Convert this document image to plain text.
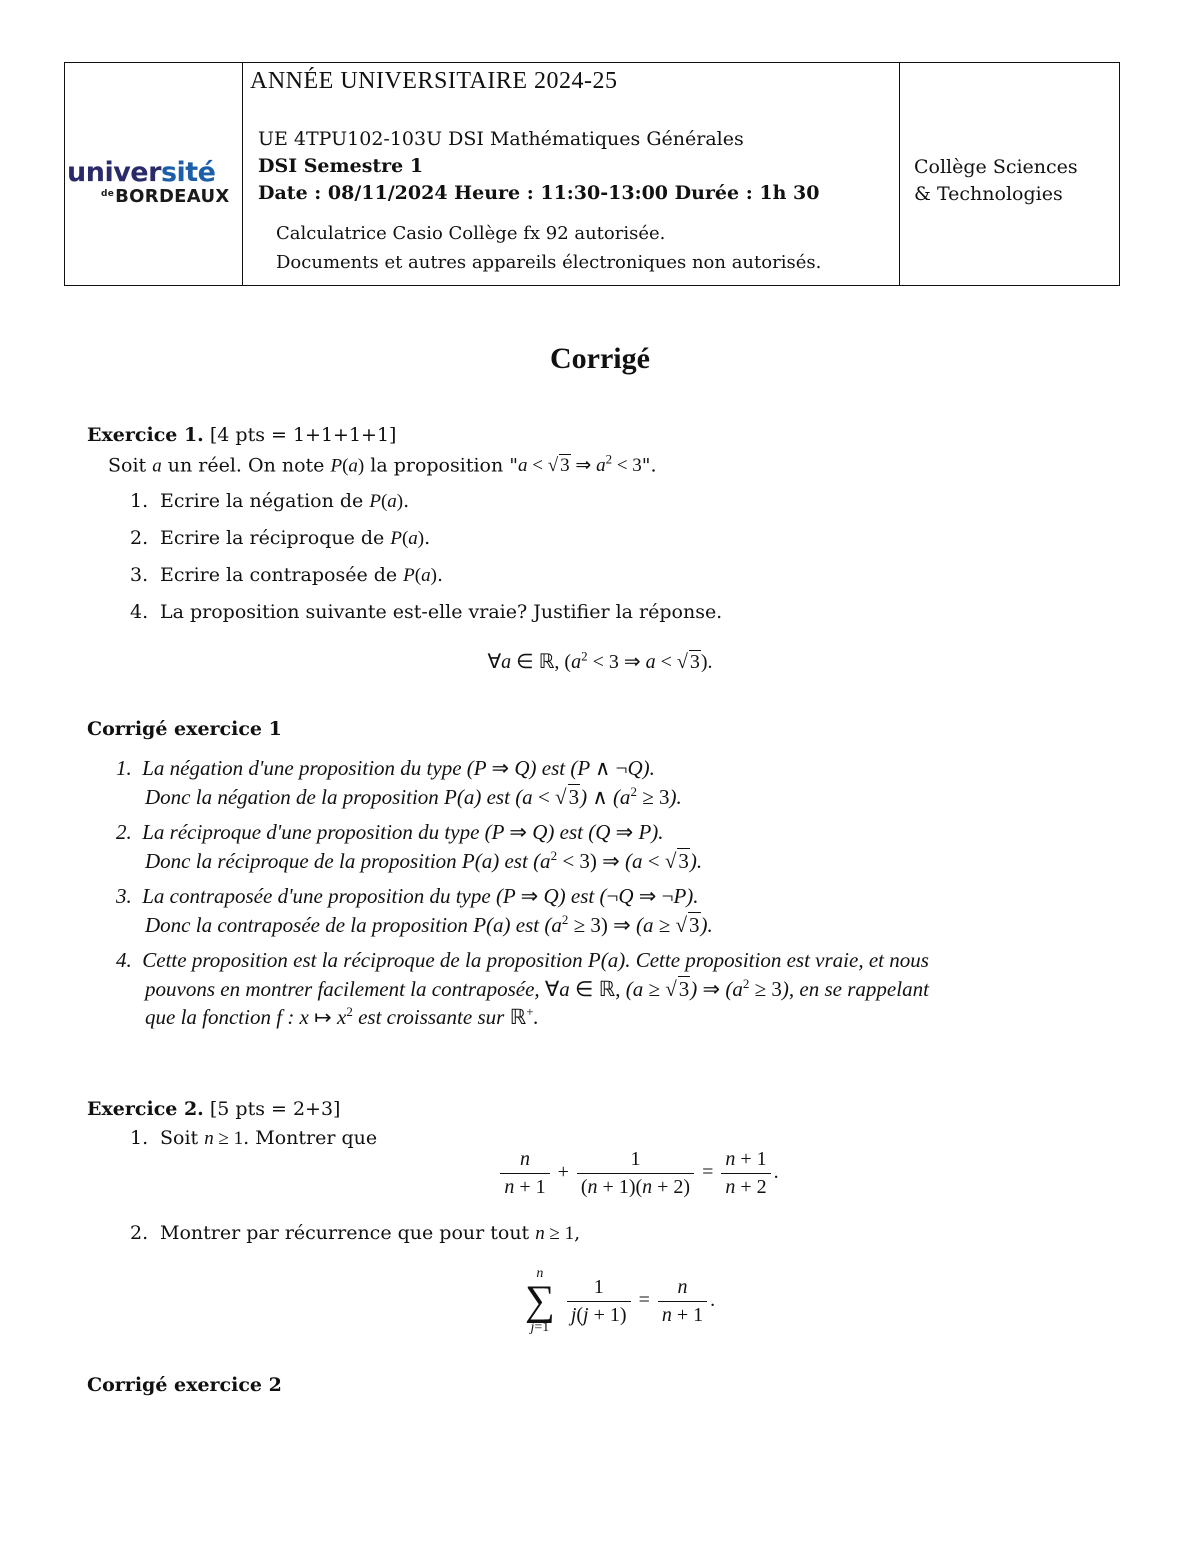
université
$^{de}$BORDEAUX
ANNÉE UNIVERSITAIRE 2024-25
UE 4TPU102-103U DSI Mathématiques Générales
DSI Semestre 1
Date : 08/11/2024 Heure : 11:30-13:00 Durée : 1h 30
Calculatrice Casio Collège fx 92 autorisée.
Documents et autres appareils électroniques non autorisés.
Collège Sciences
& Technologies
Corrigé
Exercice 1. [4 pts = 1+1+1+1]
Soit a un réel. On note P(a) la proposition "a < √ 3 ⇒ $a^2 < 3$".
1. Ecrire la négation de P(a).
2. Ecrire la réciproque de P(a).
3. Ecrire la contraposée de P(a).
4. La proposition suivante est-elle vraie? Justifier la réponse.
∀a ∈ ℝ, ($a^2 < 3$ ⇒ a < √ 3).
Corrigé exercice 1
1.  La négation d'une proposition du type (P ⇒ Q) est (P ∧ ¬Q).
Donc la négation de la proposition P(a) est (a < √3) ∧ $(a^2 \ge 3)$.
2.  La réciproque d'une proposition du type (P ⇒ Q) est (Q ⇒ P).
Donc la réciproque de la proposition P(a) est $(a^2 < 3)$ ⇒ (a < √3).
3.  La contraposée d'une proposition du type (P ⇒ Q) est (¬Q ⇒ ¬P).
Donc la contraposée de la proposition P(a) est $(a^2 \ge 3)$ ⇒ (a ≥ √3).
4.  Cette proposition est la réciproque de la proposition P(a). Cette proposition est vraie, et nous
pouvons en montrer facilement la contraposée, ∀a ∈ ℝ, (a ≥ √3) ⇒ $(a^2 \ge 3)$, en se rappelant
que la fonction f : x ↦ $x^2$ est croissante sur ℝ+.
Exercice 2. [5 pts = 2+3]
1. Soit n ≥ 1. Montrer que
$\frac{n}{n + 1} + \frac{1}{(n + 1)(n + 2)} = \frac{n + 1}{n + 2}$ .
2. Montrer par récurrence que pour tout n ≥ 1,
n
∑
j=1

$\frac{1}{j(j + 1)} = \frac{n}{n + 1}$ .
Corrigé exercice 2
